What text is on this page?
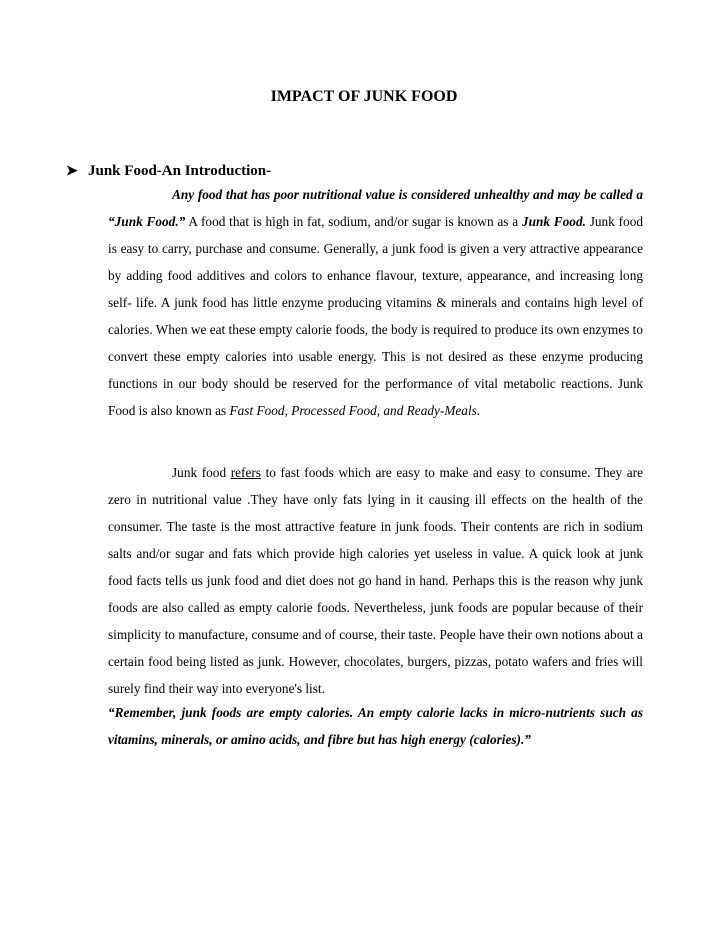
IMPACT OF JUNK FOOD
➤ Junk Food-An Introduction-
Any food that has poor nutritional value is considered unhealthy and may be called a “Junk Food.” A food that is high in fat, sodium, and/or sugar is known as a Junk Food. Junk food is easy to carry, purchase and consume. Generally, a junk food is given a very attractive appearance by adding food additives and colors to enhance flavour, texture, appearance, and increasing long self- life. A junk food has little enzyme producing vitamins & minerals and contains high level of calories. When we eat these empty calorie foods, the body is required to produce its own enzymes to convert these empty calories into usable energy. This is not desired as these enzyme producing functions in our body should be reserved for the performance of vital metabolic reactions. Junk Food is also known as Fast Food, Processed Food, and Ready-Meals.
Junk food refers to fast foods which are easy to make and easy to consume. They are zero in nutritional value .They have only fats lying in it causing ill effects on the health of the consumer. The taste is the most attractive feature in junk foods. Their contents are rich in sodium salts and/or sugar and fats which provide high calories yet useless in value. A quick look at junk food facts tells us junk food and diet does not go hand in hand. Perhaps this is the reason why junk foods are also called as empty calorie foods. Nevertheless, junk foods are popular because of their simplicity to manufacture, consume and of course, their taste. People have their own notions about a certain food being listed as junk. However, chocolates, burgers, pizzas, potato wafers and fries will surely find their way into everyone's list.
“Remember, junk foods are empty calories. An empty calorie lacks in micro-nutrients such as vitamins, minerals, or amino acids, and fibre but has high energy (calories).”
